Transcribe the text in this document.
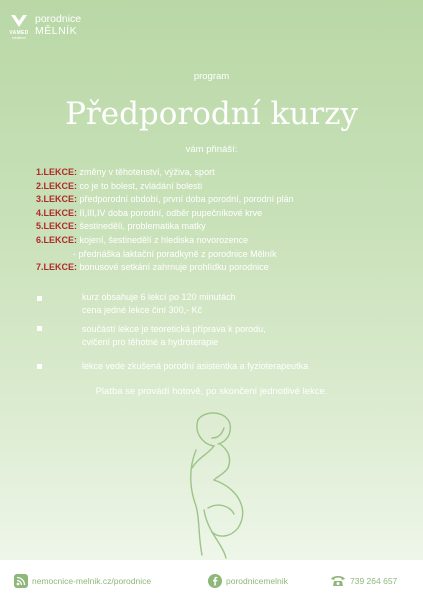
VAMED
mediterm
porodnice
MĚLNÍK
program
Předporodní kurzy
vám přináší:
1.LEKCE: změny v těhotenství, výživa, sport
2.LEKCE: co je to bolest, zvládání bolesti
3.LEKCE: předporodní období, první doba porodní, porodní plán
4.LEKCE: II,III,IV doba porodní, odběr pupečníkové krve
5.LEKCE: šestinedělí, problematika matky
6.LEKCE: kojení, šestinedělí z hlediska novorozence
- přednáška laktační poradkyně z porodnice Mělník
7.LEKCE: bonusové setkání zahrnuje prohlídku porodnice
kurz obsahuje 6 lekcí po 120 minutách
cena jedné lekce činí 300,- Kč
součástí lekce je teoretická příprava k porodu,
cvičení pro těhotné a hydroterapie
lekce vede zkušená porodní asistentka a fyzioterapeutka
Platba se provádí hotově, po skončení jednotlivé lekce.
nemocnice-melnik.cz/porodnice	porodnicemelnik	739 264 657
